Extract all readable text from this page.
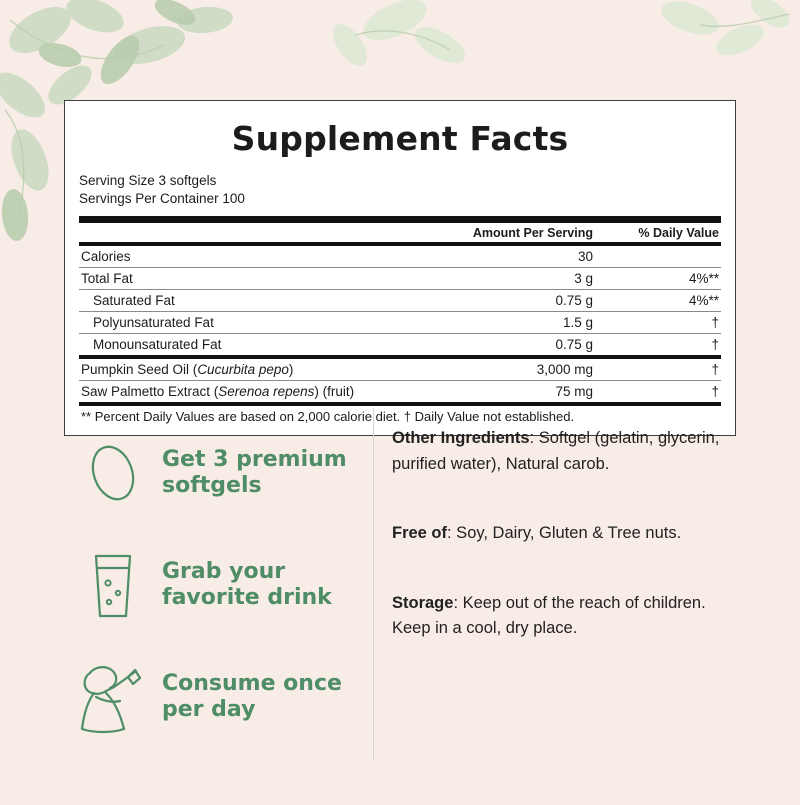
Supplement Facts
Serving Size 3 softgels
Servings Per Container 100

	Amount Per Serving	% Daily Value
Calories	30	
Total Fat	3 g	4%**
Saturated Fat	0.75 g	4%**
Polyunsaturated Fat	1.5 g	†
Monounsaturated Fat	0.75 g	†
Pumpkin Seed Oil (Cucurbita pepo)	3,000 mg	†
Saw Palmetto Extract (Serenoa repens) (fruit)	75 mg	†
** Percent Daily Values are based on 2,000 calorie diet. † Daily Value not established.		
Get 3 premium softgels
Grab your favorite drink
Consume once per day
Other Ingredients: Softgel (gelatin, glycerin, purified water), Natural carob.
Free of: Soy, Dairy, Gluten & Tree nuts.
Storage: Keep out of the reach of children. Keep in a cool, dry place.
